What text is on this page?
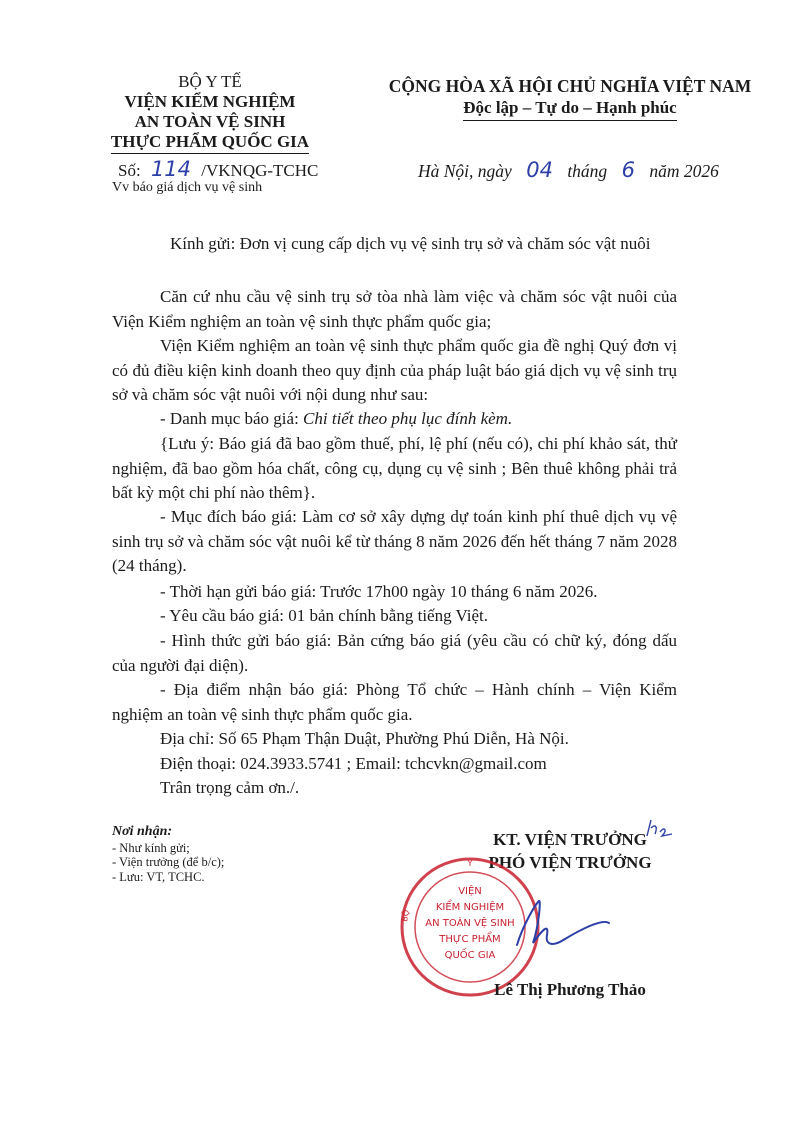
BỘ Y TẾ
VIỆN KIỂM NGHIỆM
AN TOÀN VỆ SINH
THỰC PHẨM QUỐC GIA
Số: 114 /VKNQG-TCHC
Vv báo giá dịch vụ vệ sinh
CỘNG HÒA XÃ HỘI CHỦ NGHĨA VIỆT NAM
Độc lập – Tự do – Hạnh phúc
Hà Nội, ngày 04 tháng 6 năm 2026
Kính gửi: Đơn vị cung cấp dịch vụ vệ sinh trụ sở và chăm sóc vật nuôi
Căn cứ nhu cầu vệ sinh trụ sở tòa nhà làm việc và chăm sóc vật nuôi của Viện Kiểm nghiệm an toàn vệ sinh thực phẩm quốc gia;
Viện Kiểm nghiệm an toàn vệ sinh thực phẩm quốc gia đề nghị Quý đơn vị có đủ điều kiện kinh doanh theo quy định của pháp luật báo giá dịch vụ vệ sinh trụ sở và chăm sóc vật nuôi với nội dung như sau:
- Danh mục báo giá: Chi tiết theo phụ lục đính kèm.
{Lưu ý: Báo giá đã bao gồm thuế, phí, lệ phí (nếu có), chi phí khảo sát, thử nghiệm, đã bao gồm hóa chất, công cụ, dụng cụ vệ sinh ; Bên thuê không phải trả bất kỳ một chi phí nào thêm}.
- Mục đích báo giá: Làm cơ sở xây dựng dự toán kinh phí thuê dịch vụ vệ sinh trụ sở và chăm sóc vật nuôi kể từ tháng 8 năm 2026 đến hết tháng 7 năm 2028 (24 tháng).
- Thời hạn gửi báo giá: Trước 17h00 ngày 10 tháng 6 năm 2026.
- Yêu cầu báo giá: 01 bản chính bằng tiếng Việt.
- Hình thức gửi báo giá: Bản cứng báo giá (yêu cầu có chữ ký, đóng dấu của người đại diện).
- Địa điểm nhận báo giá: Phòng Tổ chức – Hành chính – Viện Kiểm nghiệm an toàn vệ sinh thực phẩm quốc gia.
Địa chỉ: Số 65 Phạm Thận Duật, Phường Phú Diễn, Hà Nội.
Điện thoại: 024.3933.5741 ; Email: tchcvkn@gmail.com
Trân trọng cảm ơn./.
Nơi nhận:
- Như kính gửi;
- Viện trưởng (để b/c);
- Lưu: VT, TCHC.
KT. VIỆN TRƯỞNG
PHÓ VIỆN TRƯỞNG
Y
BỘ
VIỆN
KIỂM NGHIỆM
AN TOÀN VỆ SINH
THỰC PHẨM
QUỐC GIA
Lê Thị Phương Thảo
